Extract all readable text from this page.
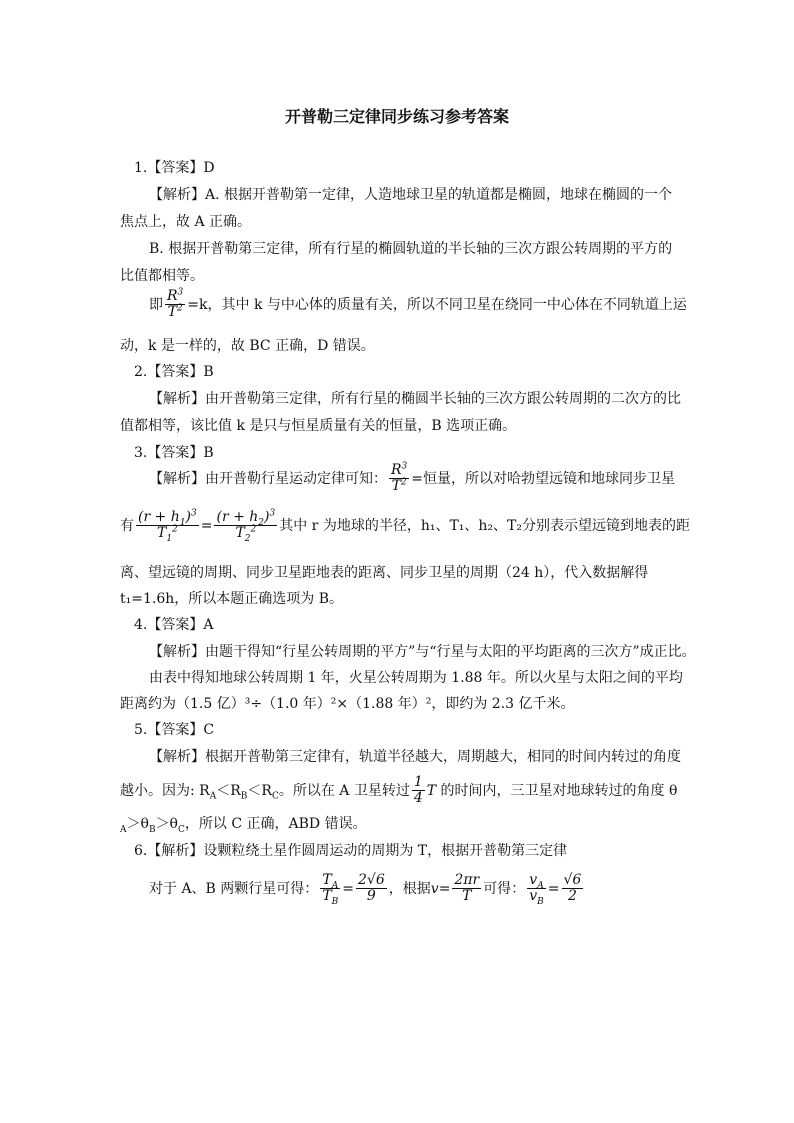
开普勒三定律同步练习参考答案
1.【答案】D
【解析】A. 根据开普勒第一定律，人造地球卫星的轨道都是椭圆，地球在椭圆的一个
焦点上，故 A 正确。
B. 根据开普勒第三定律，所有行星的椭圆轨道的半长轴的三次方跟公转周期的平方的
比值都相等。
即 $\frac{R^3}{T^2} =k$，其中 k 与中心体的质量有关，所以不同卫星在绕同一中心体在不同轨道上运
动，k 是一样的，故 BC 正确，D 错误。
2.【答案】B
【解析】由开普勒第三定律，所有行星的椭圆半长轴的三次方跟公转周期的二次方的比
值都相等，该比值 k 是只与恒星质量有关的恒量，B 选项正确。
3.【答案】B
【解析】由开普勒行星运动定律可知： $\frac{R^3}{T^2}$ =恒量，所以对哈勃望远镜和地球同步卫星
有 $\frac{(r + h_1)^3}{T_1^2} = \frac{(r + h_2)^3}{T_2^2}$ 其中 r 为地球的半径，h₁、T₁、h₂、T₂分别表示望远镜到地表的距
离、望远镜的周期、同步卫星距地表的距离、同步卫星的周期（24 h），代入数据解得
t₁=1.6h，所以本题正确选项为 B。
4.【答案】A
【解析】由题干得知“行星公转周期的平方”与“行星与太阳的平均距离的三次方”成正比。
由表中得知地球公转周期 1 年，火星公转周期为 1.88 年。所以火星与太阳之间的平均
距离约为（1.5 亿）³÷（1.0 年）²×（1.88 年）²，即约为 2.3 亿千米。
5.【答案】C
【解析】根据开普勒第三定律有，轨道半径越大，周期越大，相同的时间内转过的角度
越小。因为: $R_A<R_B<R_C$。所以在 A 卫星转过 $\frac{1}{4}$ T 的时间内，三卫星对地球转过的角度 θ
$_A>\theta_B>\theta_C$，所以 C 正确，ABD 错误。
6.【解析】设颗粒绕土星作圆周运动的周期为 T，根据开普勒第三定律
对于 A、B 两颗行星可得： $\frac{T_A}{T_B} = \frac{2√6}{9}$ ，根据$v= \frac{2\pi r}{T}$ 可得： $\frac{v_A}{v_B} = \frac{√6}{2}$
